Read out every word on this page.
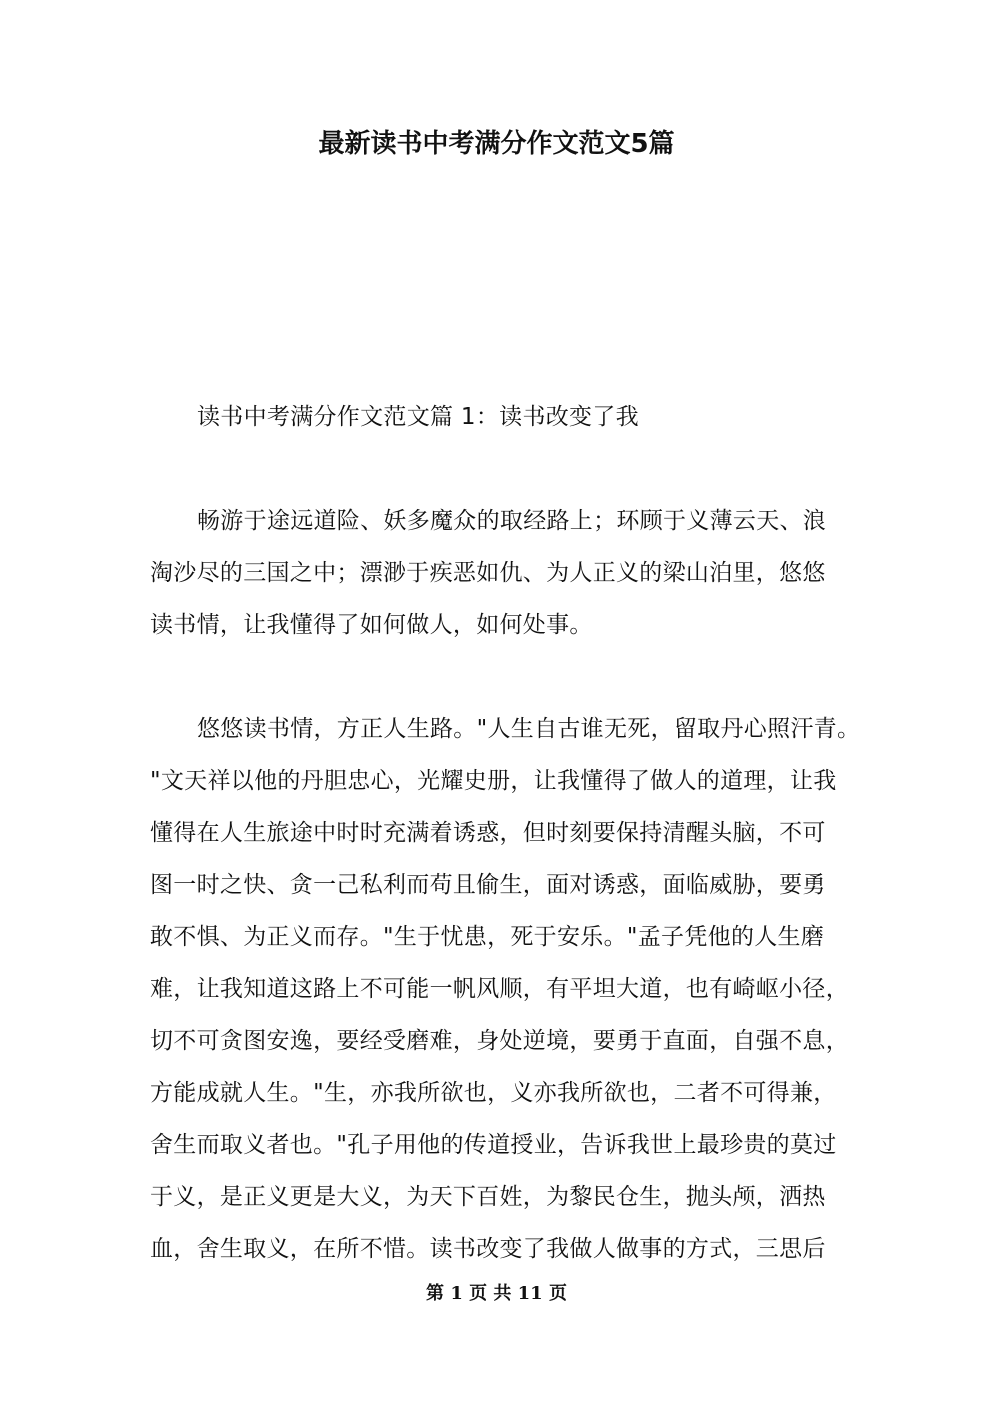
最新读书中考满分作文范文5篇
读书中考满分作文范文篇 1：读书改变了我
畅游于途远道险、妖多魔众的取经路上；环顾于义薄云天、浪
淘沙尽的三国之中；漂渺于疾恶如仇、为人正义的梁山泊里，悠悠
读书情，让我懂得了如何做人，如何处事。
悠悠读书情，方正人生路。"人生自古谁无死，留取丹心照汗青。
"文天祥以他的丹胆忠心，光耀史册，让我懂得了做人的道理，让我
懂得在人生旅途中时时充满着诱惑，但时刻要保持清醒头脑，不可
图一时之快、贪一己私利而苟且偷生，面对诱惑，面临威胁，要勇
敢不惧、为正义而存。"生于忧患，死于安乐。"孟子凭他的人生磨
难，让我知道这路上不可能一帆风顺，有平坦大道，也有崎岖小径，
切不可贪图安逸，要经受磨难，身处逆境，要勇于直面，自强不息，
方能成就人生。"生，亦我所欲也，义亦我所欲也，二者不可得兼，
舍生而取义者也。"孔子用他的传道授业，告诉我世上最珍贵的莫过
于义，是正义更是大义，为天下百姓，为黎民仓生，抛头颅，洒热
血，舍生取义，在所不惜。读书改变了我做人做事的方式，三思后
第 1 页 共 11 页
